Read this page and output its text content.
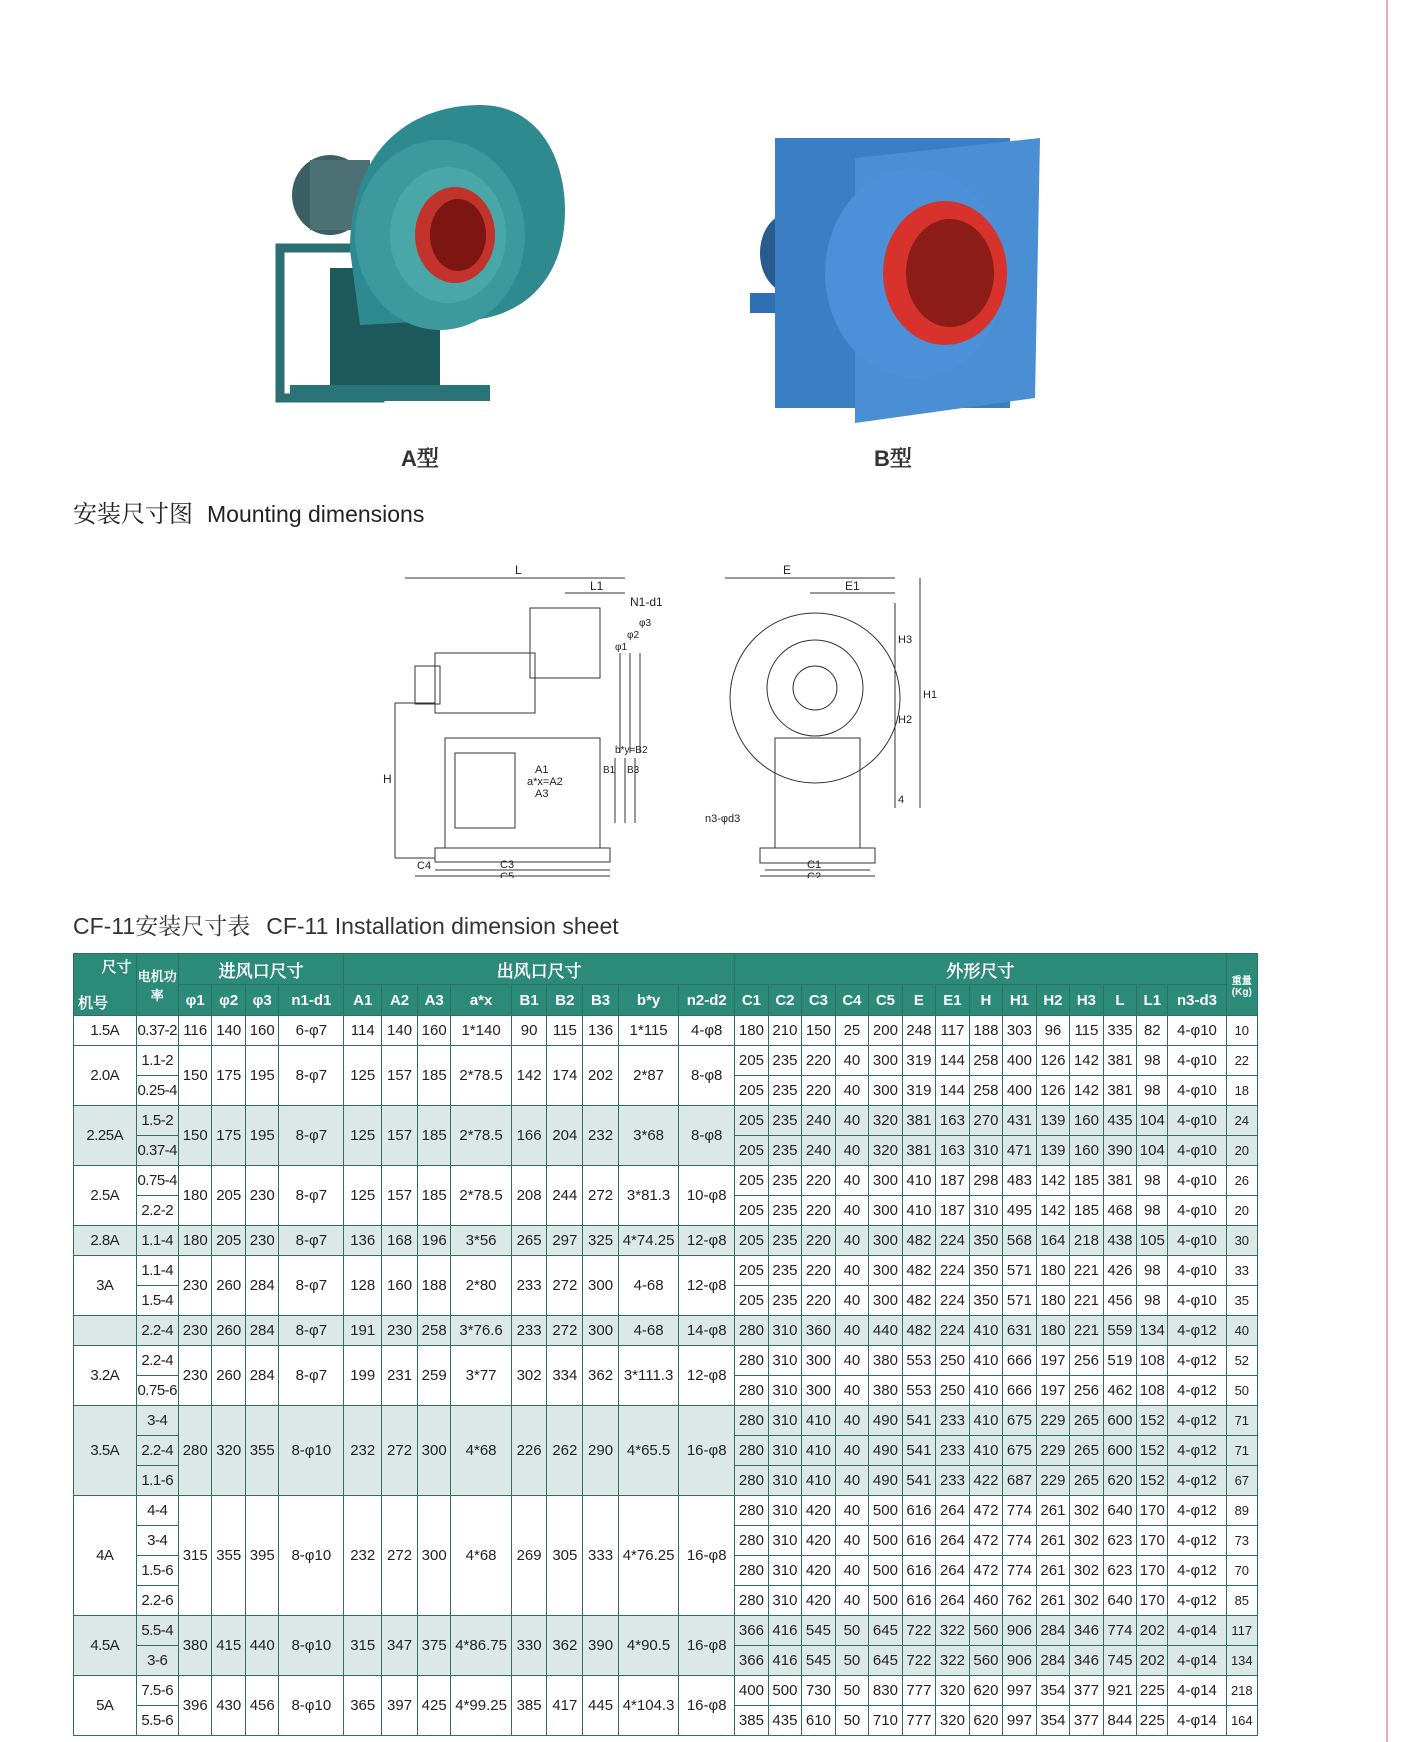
A型	B型
安装尺寸图 Mounting dimensions
L
L1
N1-d1
φ1
φ2
φ3
H
A1
a*x=A2
A3
B1
b*y=B2
B3
C4	C3
C5
E
E1
H3
H1
H2
4
n3-φd3
C1
C2
CF-11安装尺寸表 CF-11 Installation dimension sheet
尺寸
机号	电机功率	进风口尺寸				出风口尺寸									外形尺寸														重量(Kg)
		φ1	φ2	φ3	n1-d1	A1	A2	A3	a*x	B1	B2	B3	b*y	n2-d2	C1	C2	C3	C4	C5	E	E1	H	H1	H2	H3	L	L1	n3-d3	
1.5A	0.37-2	116	140	160	6-φ7	114	140	160	1*140	90	115	136	1*115	4-φ8	180	210	150	25	200	248	117	188	303	96	115	335	82	4-φ10	10
2.0A	1.1-2	150	175	195	8-φ7	125	157	185	2*78.5	142	174	202	2*87	8-φ8	205	235	220	40	300	319	144	258	400	126	142	381	98	4-φ10	22
	0.25-4														205	235	220	40	300	319	144	258	400	126	142	381	98	4-φ10	18
2.25A	1.5-2	150	175	195	8-φ7	125	157	185	2*78.5	166	204	232	3*68	8-φ8	205	235	240	40	320	381	163	270	431	139	160	435	104	4-φ10	24
	0.37-4														205	235	240	40	320	381	163	310	471	139	160	390	104	4-φ10	20
2.5A	0.75-4	180	205	230	8-φ7	125	157	185	2*78.5	208	244	272	3*81.3	10-φ8	205	235	220	40	300	410	187	298	483	142	185	381	98	4-φ10	26
	2.2-2														205	235	220	40	300	410	187	310	495	142	185	468	98	4-φ10	20
2.8A	1.1-4	180	205	230	8-φ7	136	168	196	3*56	265	297	325	4*74.25	12-φ8	205	235	220	40	300	482	224	350	568	164	218	438	105	4-φ10	30
3A	1.1-4	230	260	284	8-φ7	128	160	188	2*80	233	272	300	4-68	12-φ8	205	235	220	40	300	482	224	350	571	180	221	426	98	4-φ10	33
	1.5-4														205	235	220	40	300	482	224	350	571	180	221	456	98	4-φ10	35
	2.2-4	230	260	284	8-φ7	191	230	258	3*76.6	233	272	300	4-68	14-φ8	280	310	360	40	440	482	224	410	631	180	221	559	134	4-φ12	40
3.2A	2.2-4	230	260	284	8-φ7	199	231	259	3*77	302	334	362	3*111.3	12-φ8	280	310	300	40	380	553	250	410	666	197	256	519	108	4-φ12	52
	0.75-6														280	310	300	40	380	553	250	410	666	197	256	462	108	4-φ12	50
3.5A	3-4	280	320	355	8-φ10	232	272	300	4*68	226	262	290	4*65.5	16-φ8	280	310	410	40	490	541	233	410	675	229	265	600	152	4-φ12	71
	2.2-4														280	310	410	40	490	541	233	410	675	229	265	600	152	4-φ12	71
	1.1-6														280	310	410	40	490	541	233	422	687	229	265	620	152	4-φ12	67
4A	4-4	315	355	395	8-φ10	232	272	300	4*68	269	305	333	4*76.25	16-φ8	280	310	420	40	500	616	264	472	774	261	302	640	170	4-φ12	89
	3-4														280	310	420	40	500	616	264	472	774	261	302	623	170	4-φ12	73
	1.5-6														280	310	420	40	500	616	264	472	774	261	302	623	170	4-φ12	70
	2.2-6														280	310	420	40	500	616	264	460	762	261	302	640	170	4-φ12	85
4.5A	5.5-4	380	415	440	8-φ10	315	347	375	4*86.75	330	362	390	4*90.5	16-φ8	366	416	545	50	645	722	322	560	906	284	346	774	202	4-φ14	117
	3-6														366	416	545	50	645	722	322	560	906	284	346	745	202	4-φ14	134
5A	7.5-6	396	430	456	8-φ10	365	397	425	4*99.25	385	417	445	4*104.3	16-φ8	400	500	730	50	830	777	320	620	997	354	377	921	225	4-φ14	218
	5.5-6														385	435	610	50	710	777	320	620	997	354	377	844	225	4-φ14	164
